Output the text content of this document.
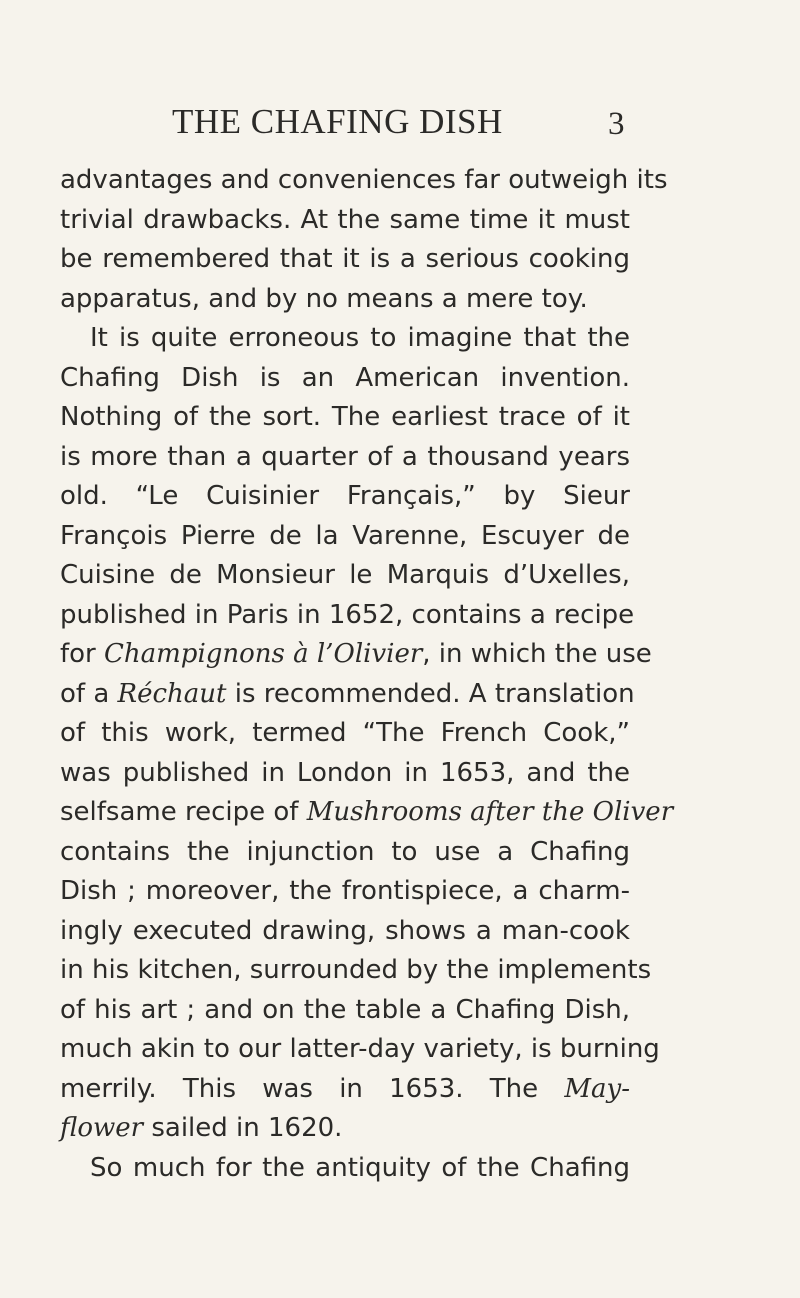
THE CHAFING DISH	3
advantages and conveniences far outweigh its
trivial drawbacks. At the same time it must
be remembered that it is a serious cooking
apparatus, and by no means a mere toy.
It is quite erroneous to imagine that the
Chafing Dish is an American invention.
Nothing of the sort. The earliest trace of it
is more than a quarter of a thousand years
old. “Le Cuisinier Français,” by Sieur
François Pierre de la Varenne, Escuyer de
Cuisine de Monsieur le Marquis d’Uxelles,
published in Paris in 1652, contains a recipe
for Champignons à l’Olivier, in which the use
of a Réchaut is recommended. A translation
of this work, termed “The French Cook,”
was published in London in 1653, and the
selfsame recipe of Mushrooms after the Oliver
contains the injunction to use a Chafing
Dish ; moreover, the frontispiece, a charm-
ingly executed drawing, shows a man-cook
in his kitchen, surrounded by the implements
of his art ; and on the table a Chafing Dish,
much akin to our latter-day variety, is burning
merrily. This was in 1653. The May-
flower sailed in 1620.
So much for the antiquity of the Chafing
